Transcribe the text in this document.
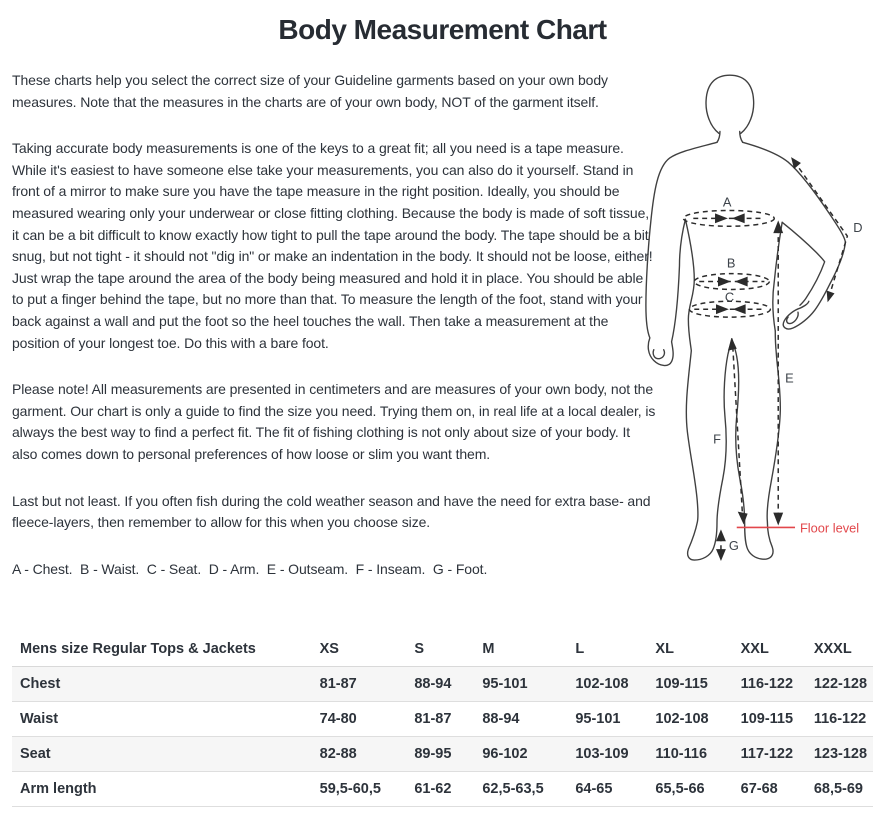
Body Measurement Chart

These charts help you select the correct size of your Guideline garments based on your own body measures. Note that the measures in the charts are of your own body, NOT of the garment itself.

Taking accurate body measurements is one of the keys to a great fit; all you need is a tape measure. While it's easiest to have someone else take your measurements, you can also do it yourself. Stand in front of a mirror to make sure you have the tape measure in the right position. Ideally, you should be measured wearing only your underwear or close fitting clothing. Because the body is made of soft tissue, it can be a bit difficult to know exactly how tight to pull the tape around the body. The tape should be a bit snug, but not tight - it should not "dig in" or make an indentation in the body. It should not be loose, either! Just wrap the tape around the area of the body being measured and hold it in place. You should be able to put a finger behind the tape, but no more than that. To measure the length of the foot, stand with your back against a wall and put the foot so the heel touches the wall. Then take a measurement at the position of your longest toe. Do this with a bare foot.

Please note! All measurements are presented in centimeters and are measures of your own body, not the garment. Our chart is only a guide to find the size you need. Trying them on, in real life at a local dealer, is always the best way to find a perfect fit. The fit of fishing clothing is not only about size of your body. It also comes down to personal preferences of how loose or slim you want them.

Last but not least. If you often fish during the cold weather season and have the need for extra base- and fleece-layers, then remember to allow for this when you choose size.

A - Chest.  B - Waist.  C - Seat.  D - Arm.  E - Outseam.  F - Inseam.  G - Foot.

A
B
C
D
E
F
G
Floor level
Mens size Regular Tops & Jackets	XS	S	M	L	XL	XXL	XXXL
Chest	81-87	88-94	95-101	102-108	109-115	116-122	122-128
Waist	74-80	81-87	88-94	95-101	102-108	109-115	116-122
Seat	82-88	89-95	96-102	103-109	110-116	117-122	123-128
Arm length	59,5-60,5	61-62	62,5-63,5	64-65	65,5-66	67-68	68,5-69
